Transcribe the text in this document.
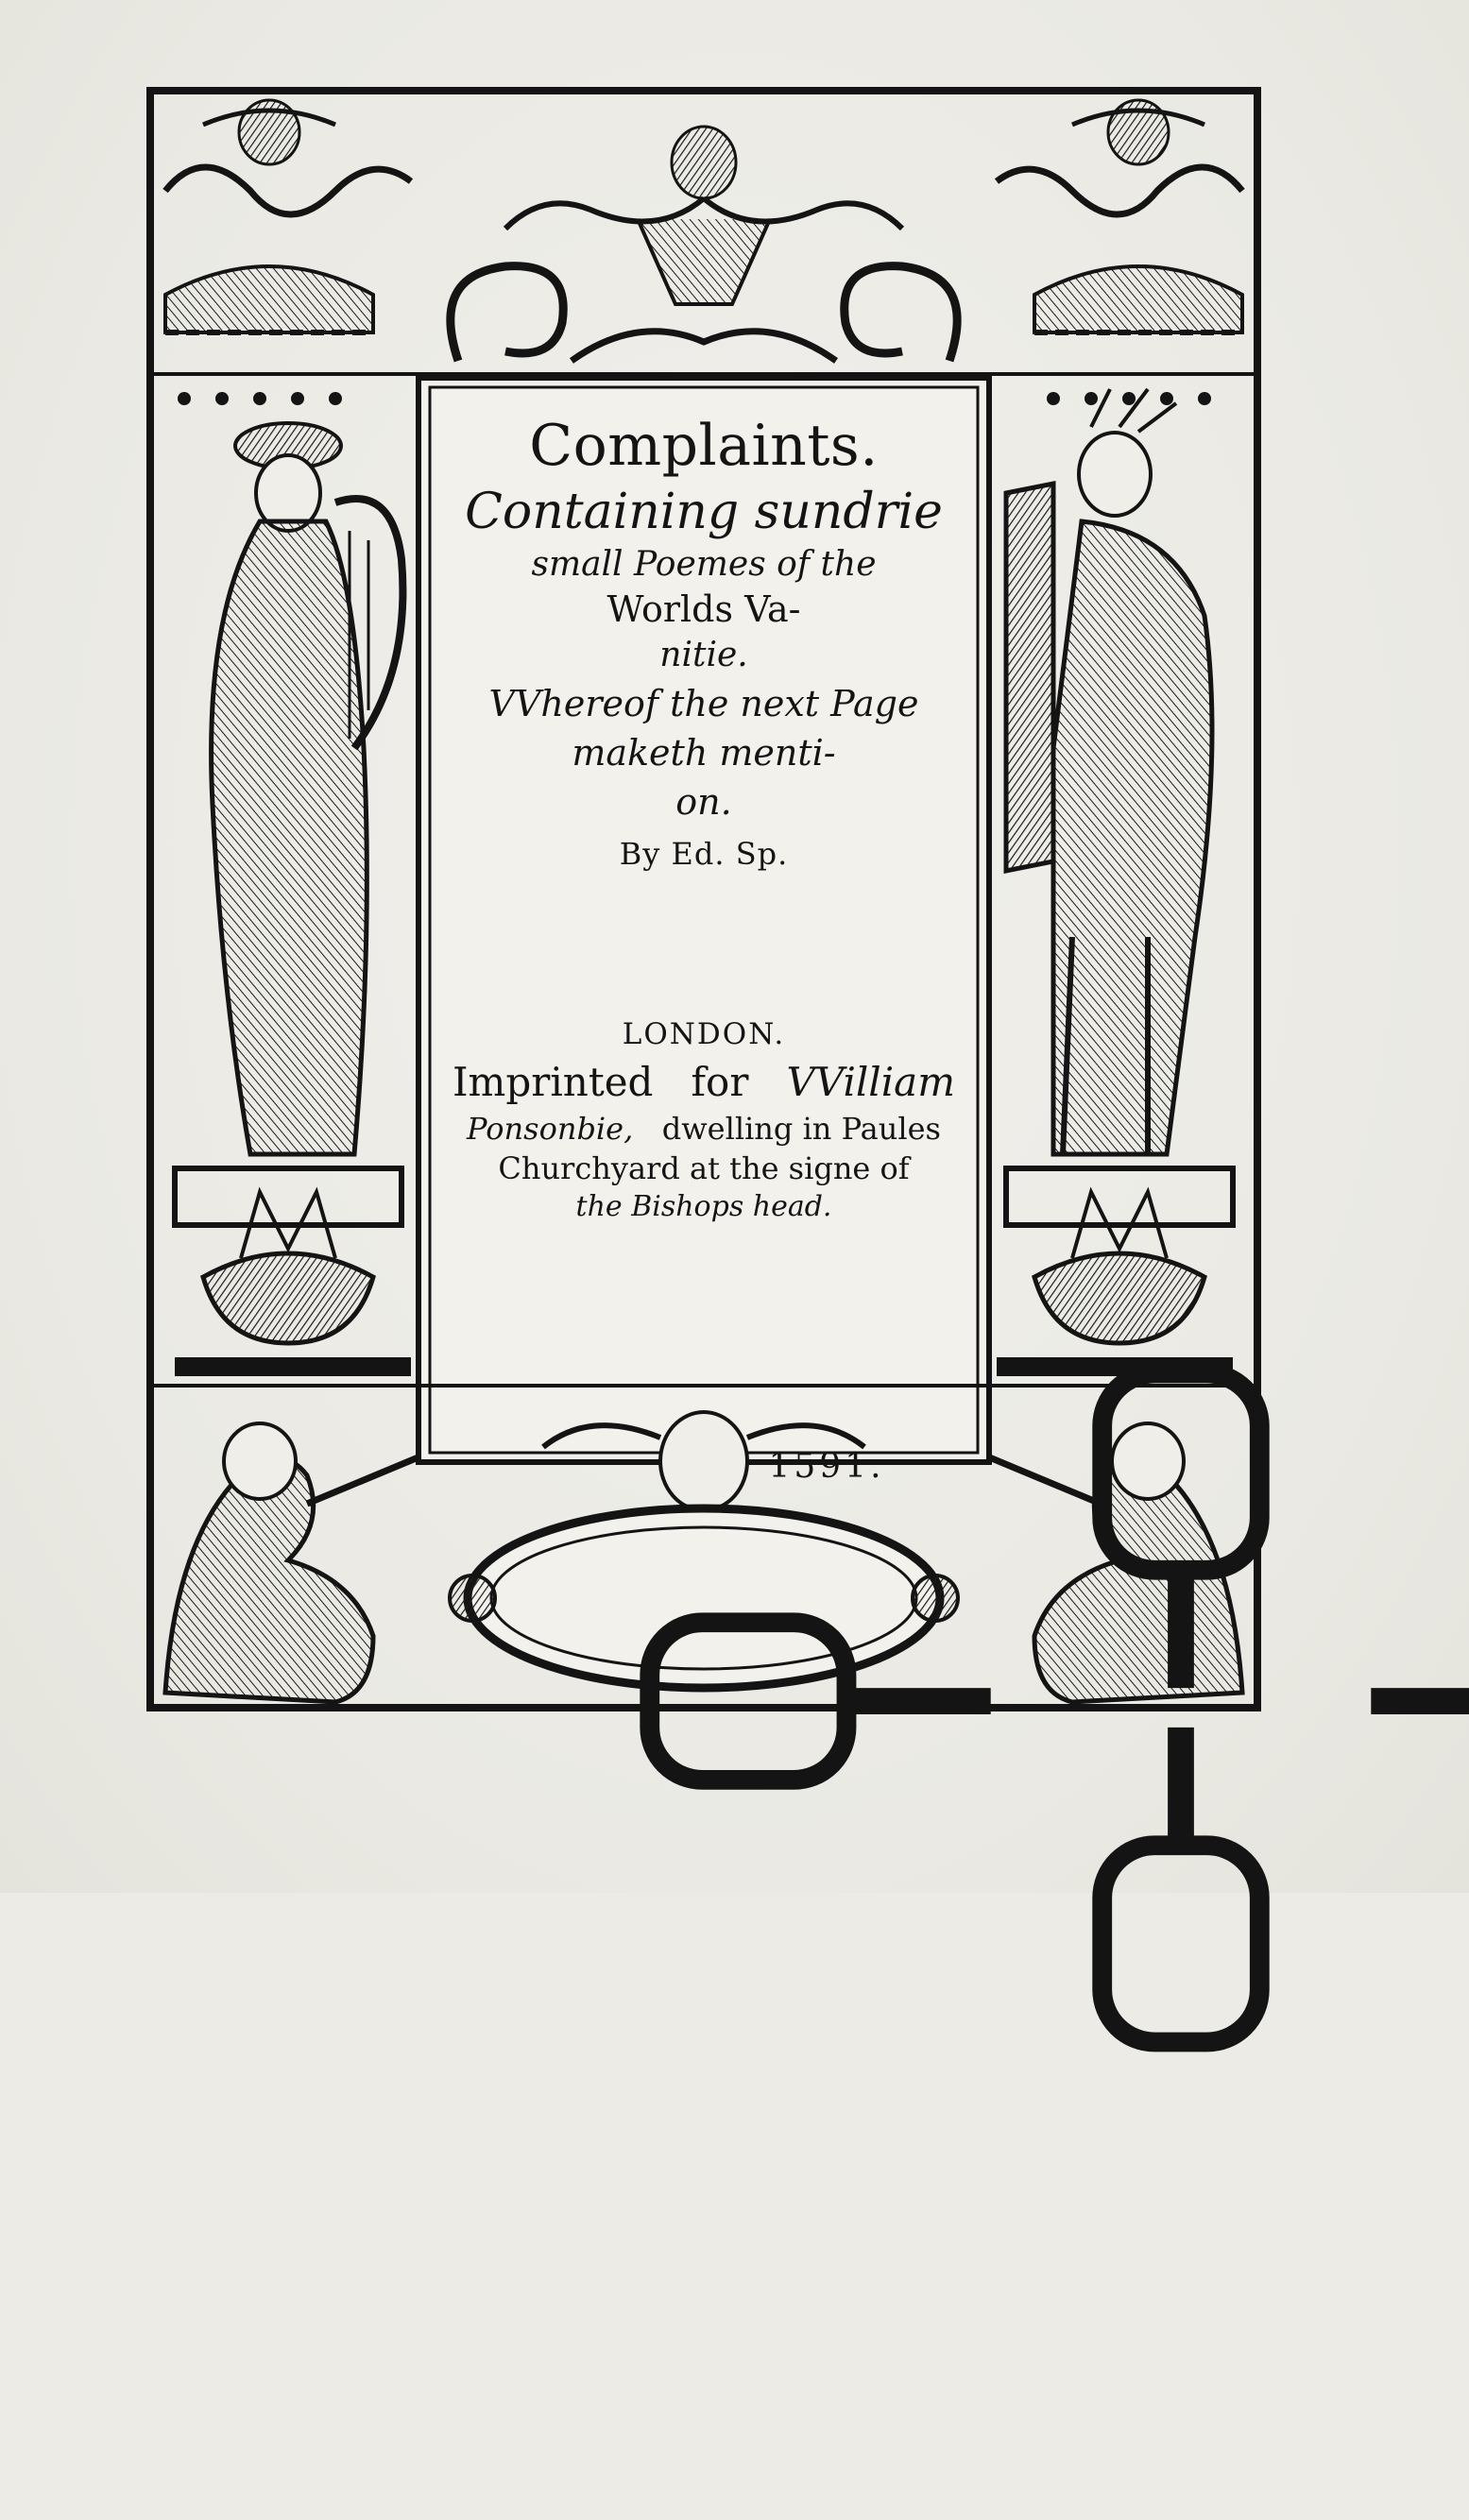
Complaints.
Containing sundrie
small Poemes of the
Worlds Va-
nitie.
VVhereof the next Page
maketh menti-
on.
By Ed. Sp.
LONDON.
Imprinted for VVilliam
Ponsonbie, dwelling in Paules
Churchyard at the signe of
the Bishops head.
1591.
